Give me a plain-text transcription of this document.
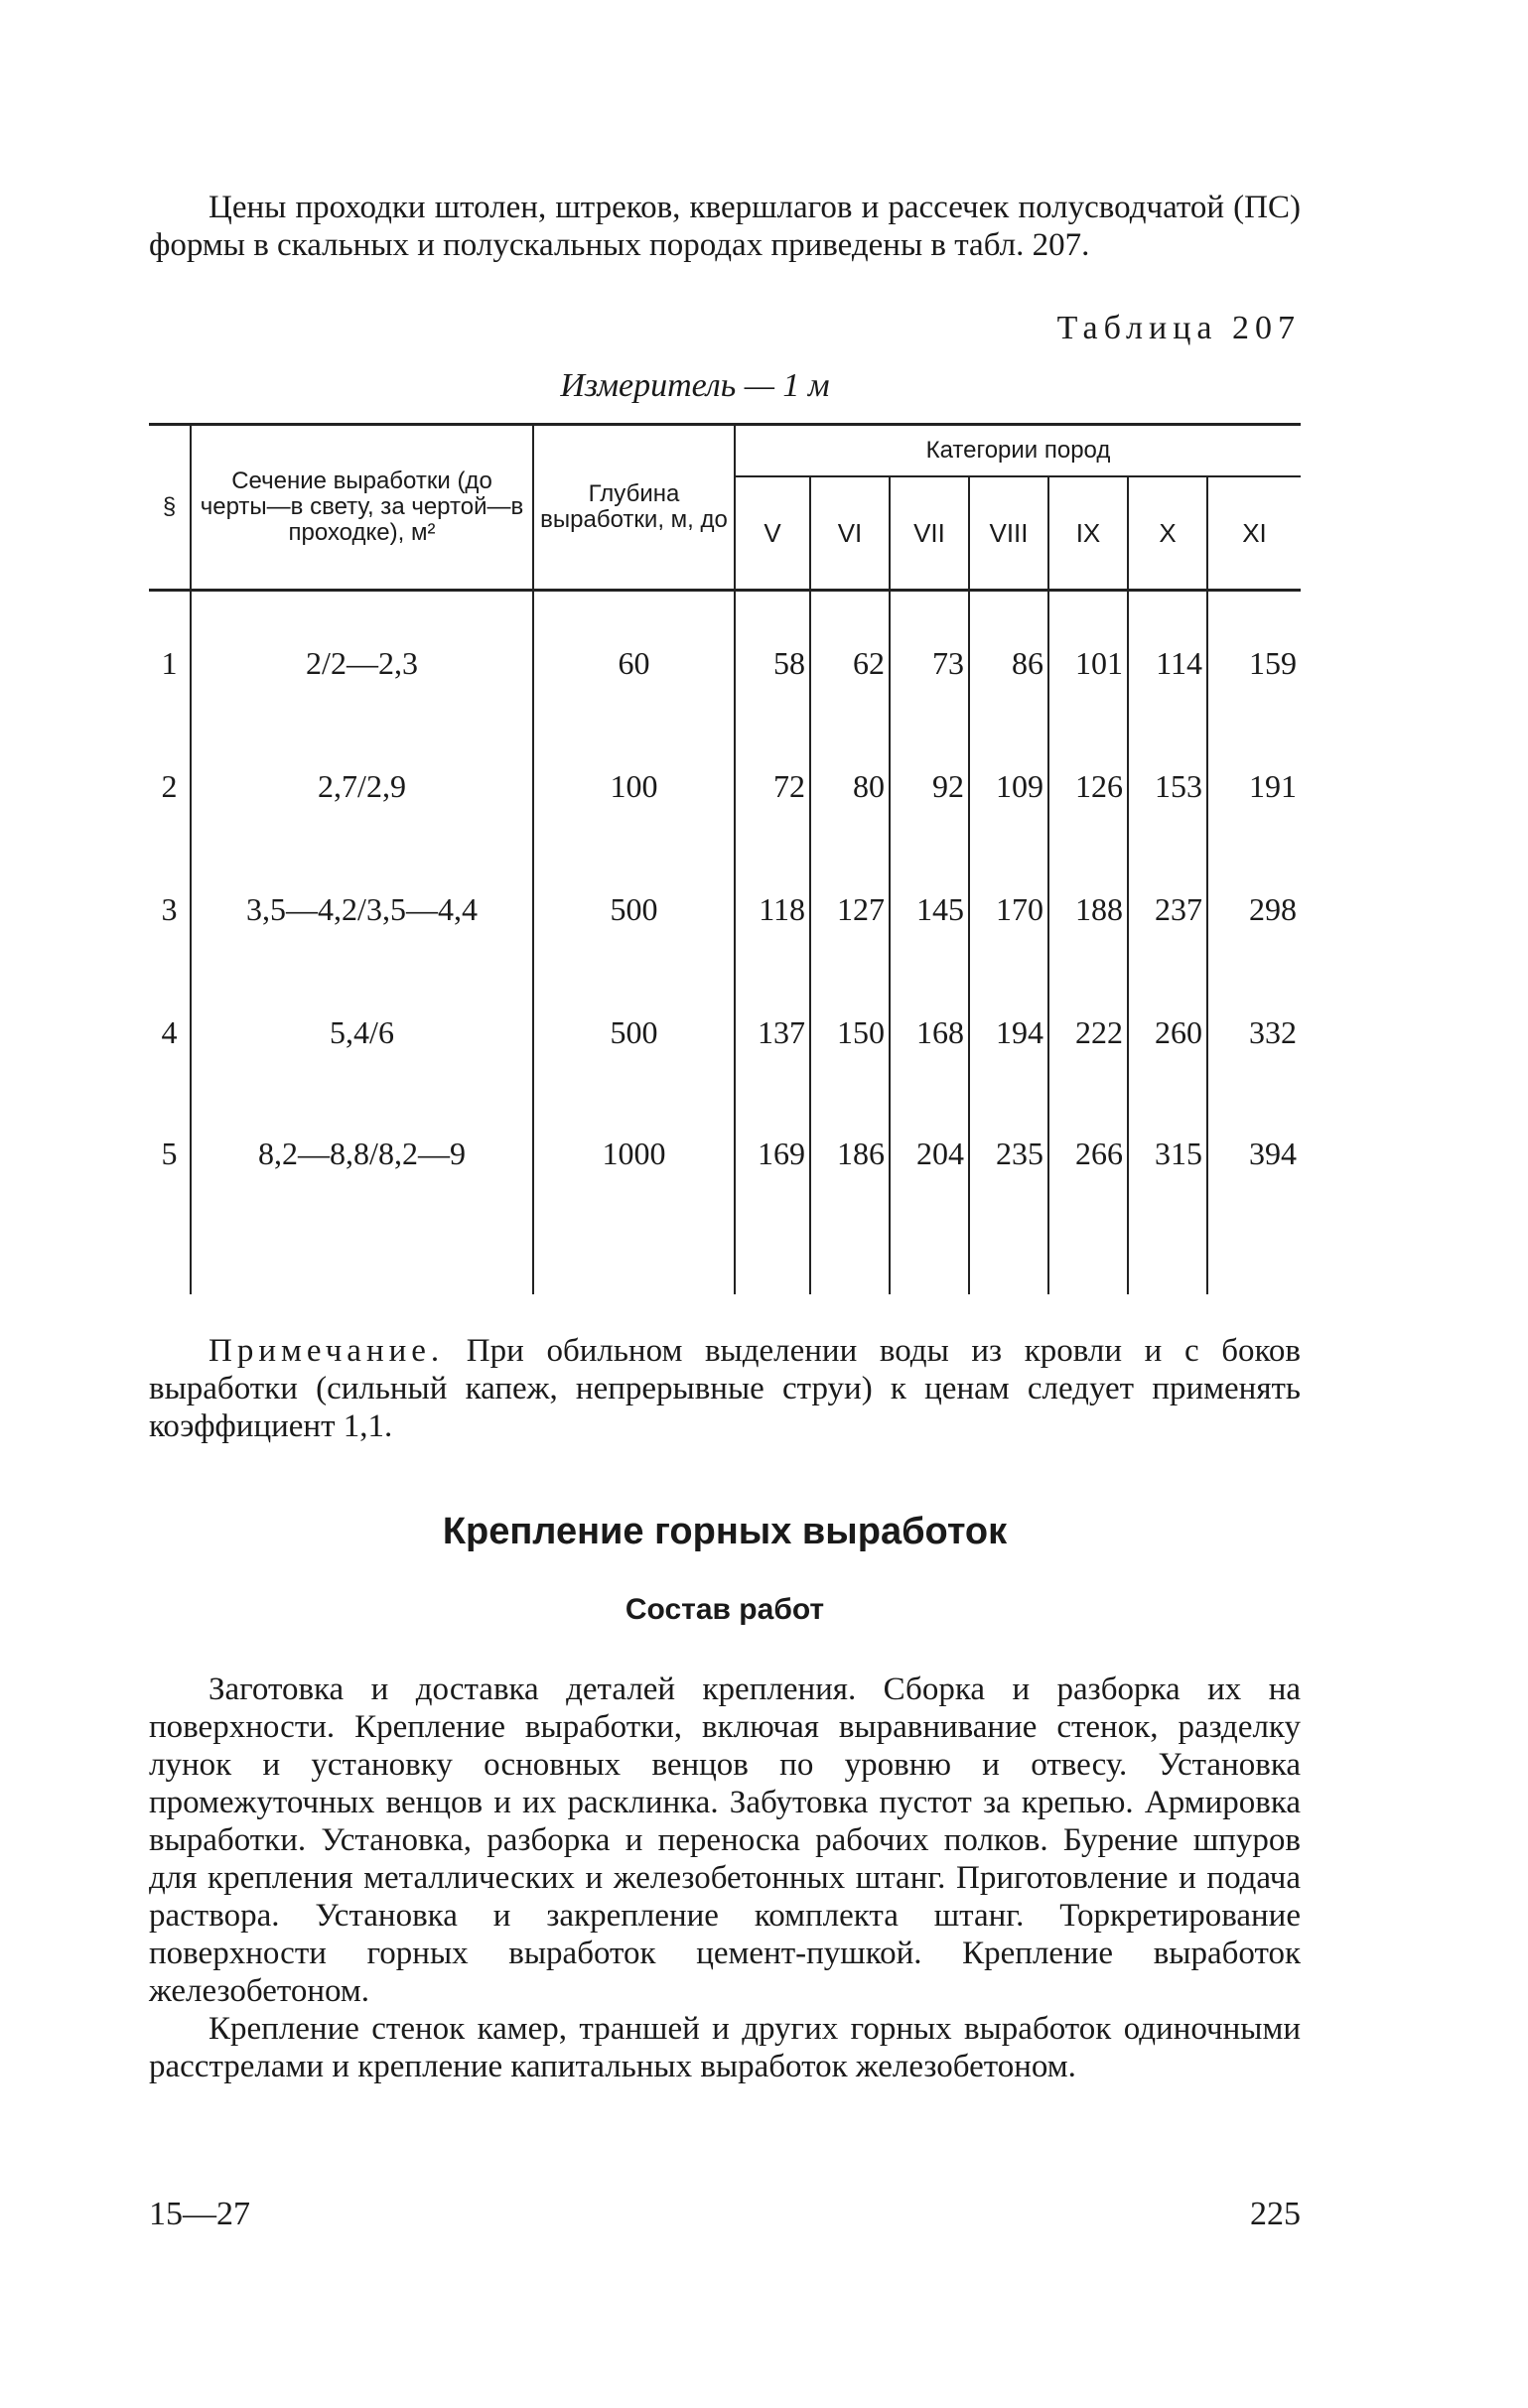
Цены проходки штолен, штреков, квершлагов и рассечек полусводчатой (ПС) формы в скальных и полускальных породах приведены в табл. 207.

Таблица 207
Измеритель — 1 м
§	Сечение выработки (до черты—в свету, за чертой—в проходке), м²	Глубина выработки, м, до	Категории пород						
			V	VI	VII	VIII	IX	X	XI
1	2/2—2,3	60	58	62	73	86	101	114	159
2	2,7/2,9	100	72	80	92	109	126	153	191
3	3,5—4,2/3,5—4,4	500	118	127	145	170	188	237	298
4	5,4/6	500	137	150	168	194	222	260	332
5	8,2—8,8/8,2—9	1000	169	186	204	235	266	315	394

Примечание. При обильном выделении воды из кровли и с боков выработки (сильный капеж, непрерывные струи) к ценам следует применять коэффициент 1,1.

Крепление горных выработок
Состав работ

Заготовка и доставка деталей крепления. Сборка и разборка их на поверхности. Крепление выработки, включая выравнивание стенок, разделку лунок и установку основных венцов по уровню и отвесу. Установка промежуточных венцов и их расклинка. Забутовка пустот за крепью. Армировка выработки. Установка, разборка и переноска рабочих полков. Бурение шпуров для крепления металлических и железобетонных штанг. Приготовление и подача раствора. Установка и закрепление комплекта штанг. Торкретирование поверхности горных выработок цемент-пушкой. Крепление выработок железобетоном.

Крепление стенок камер, траншей и других горных выработок одиночными расстрелами и крепление капитальных выработок железобетоном.

15—27	225
